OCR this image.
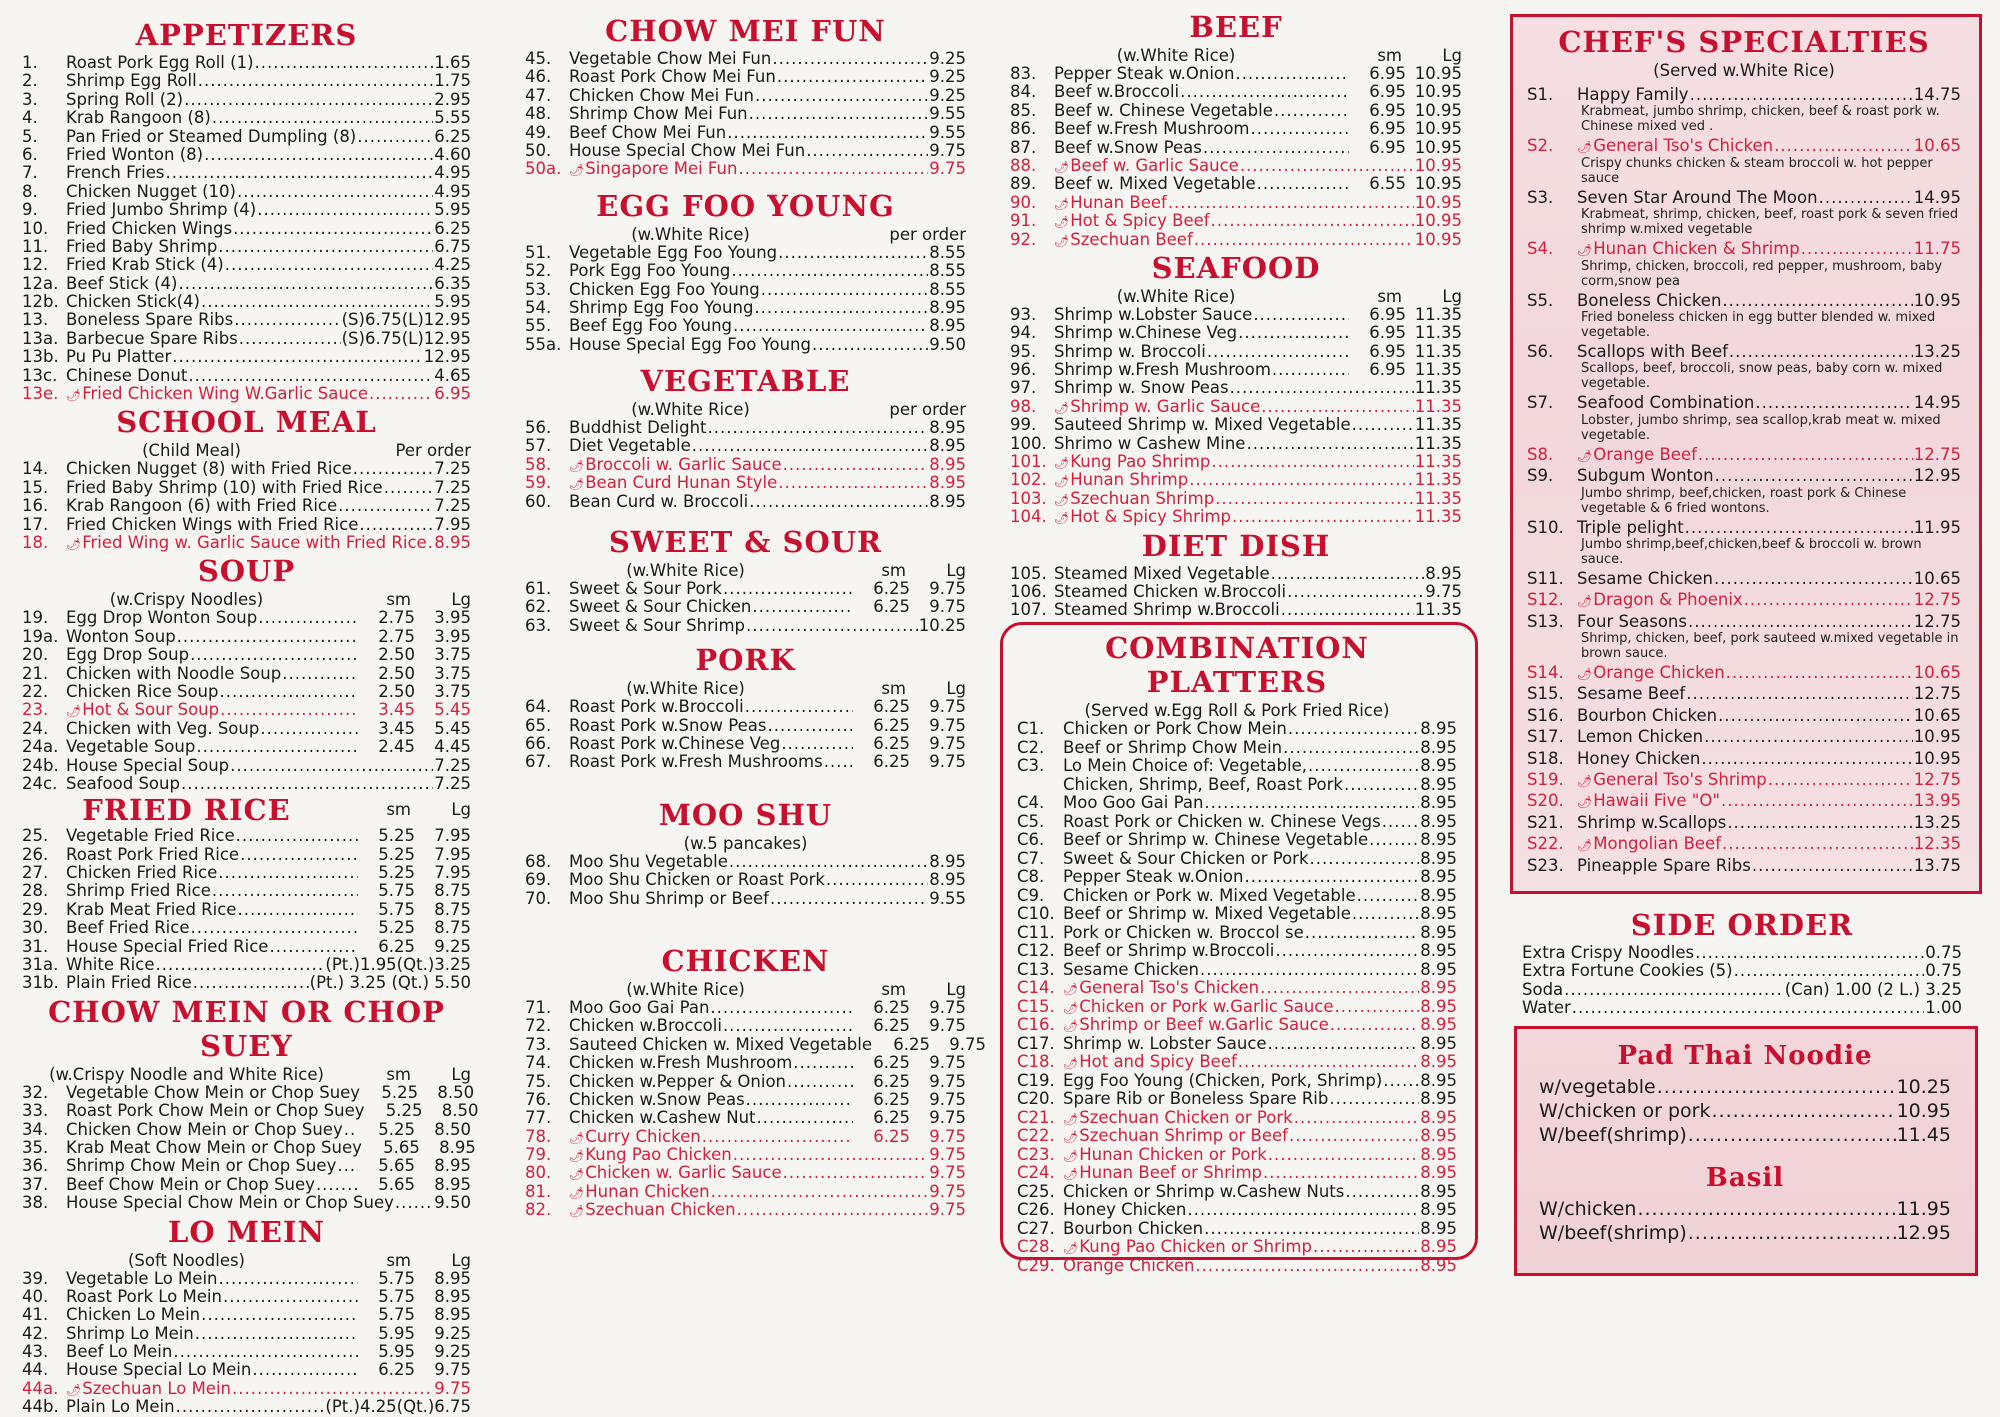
APPETIZERS
1.	Roast Pork Egg Roll (1) .....	1.65
2.	Shrimp Egg Roll .....	1.75
3.	Spring Roll (2) .....	2.95
4.	Krab Rangoon (8) .....	5.55
5.	Pan Fried or Steamed Dumpling (8) .....	6.25
6.	Fried Wonton (8) .....	4.60
7.	French Fries .....	4.95
8.	Chicken Nugget (10) .....	4.95
9.	Fried Jumbo Shrimp (4) .....	5.95
10.	Fried Chicken Wings .....	6.25
11.	Fried Baby Shrimp .....	6.75
12.	Fried Krab Stick (4) .....	4.25
12a. Beef Stick (4) .....	6.35
12b. Chicken Stick(4) .....	5.95
13.	Boneless Spare Ribs .....	(S)6.75(L)12.95
13a. Barbecue Spare Ribs .....	(S)6.75(L)12.95
13b. Pu Pu Platter .....	12.95
13c. Chinese Donut .....	4.65
13e. 🌶Fried Chicken Wing W.Garlic Sauce .....	6.95
SCHOOL MEAL
(Child Meal)	Per order
14.	Chicken Nugget (8) with Fried Rice .....	7.25
15.	Fried Baby Shrimp (10) with Fried Rice .....	7.25
16.	Krab Rangoon (6) with Fried Rice .....	7.25
17.	Fried Chicken Wings with Fried Rice .....	7.95
18.	🌶Fried Wing w. Garlic Sauce with Fried Rice ..... 8.95
SOUP
(w.Crispy Noodles)	sm	Lg
19.	Egg Drop Wonton Soup .....	2.75	3.95
19a. Wonton Soup .....	2.75	3.95
20.	Egg Drop Soup .....	2.50	3.75
21.	Chicken with Noodle Soup .....	2.50	3.75
22.	Chicken Rice Soup .....	2.50	3.75
23.	🌶Hot & Sour Soup .....	3.45	5.45
24.	Chicken with Veg. Soup .....	3.45	5.45
24a. Vegetable Soup .....	2.45	4.45
24b. House Special Soup .....	7.25
24c. Seafood Soup .....	7.25
FRIED RICE	sm	Lg
25.	Vegetable Fried Rice .....	5.25	7.95
26.	Roast Pork Fried Rice .....	5.25	7.95
27.	Chicken Fried Rice .....	5.25	7.95
28.	Shrimp Fried Rice .....	5.75	8.75
29.	Krab Meat Fried Rice .....	5.75	8.75
30.	Beef Fried Rice .....	5.25	8.75
31.	House Special Fried Rice .....	6.25	9.25
31a. White Rice .....	(Pt.)1.95(Qt.)3.25
31b. Plain Fried Rice .....	(Pt.) 3.25 (Qt.) 5.50
CHOW MEIN OR CHOP SUEY
(w.Crispy Noodle and White Rice)	sm	Lg
32.	Vegetable Chow Mein or Chop Suey	5.25	8.50
33.	Roast Pork Chow Mein or Chop Suey	5.25	8.50
34.	Chicken Chow Mein or Chop Suey .....	5.25	8.50
35.	Krab Meat Chow Mein or Chop Suey	5.65	8.95
36.	Shrimp Chow Mein or Chop Suey .....	5.65	8.95
37.	Beef Chow Mein or Chop Suey .....	5.65	8.95
38.	House Special Chow Mein or Chop Suey ..... 9.50
LO MEIN
(Soft Noodles)	sm	Lg
39.	Vegetable Lo Mein .....	5.75	8.95
40.	Roast Pork Lo Mein .....	5.75	8.95
41.	Chicken Lo Mein .....	5.75	8.95
42.	Shrimp Lo Mein .....	5.95	9.25
43.	Beef Lo Mein .....	5.95	9.25
44.	House Special Lo Mein .....	6.25	9.75
44a. 🌶Szechuan Lo Mein .....	9.75
44b. Plain Lo Mein .....	(Pt.)4.25(Qt.)6.75
CHOW MEI FUN
45.	Vegetable Chow Mei Fun .....	9.25
46.	Roast Pork Chow Mei Fun .....	9.25
47.	Chicken Chow Mei Fun .....	9.25
48.	Shrimp Chow Mei Fun .....	9.55
49.	Beef Chow Mei Fun .....	9.55
50.	House Special Chow Mei Fun .....	9.75
50a. 🌶Singapore Mei Fun .....	9.75
EGG FOO YOUNG
(w.White Rice)	per order
51.	Vegetable Egg Foo Young .....	8.55
52.	Pork Egg Foo Young .....	8.55
53.	Chicken Egg Foo Young .....	8.55
54.	Shrimp Egg Foo Young .....	8.95
55.	Beef Egg Foo Young .....	8.95
55a. House Special Egg Foo Young .....	9.50
VEGETABLE
(w.White Rice)	per order
56.	Buddhist Delight .....	8.95
57.	Diet Vegetable .....	8.95
58.	🌶Broccoli w. Garlic Sauce .....	8.95
59.	🌶Bean Curd Hunan Style .....	8.95
60.	Bean Curd w. Broccoli .....	8.95
SWEET & SOUR
(w.White Rice)	sm	Lg
61.	Sweet & Sour Pork .....	6.25	9.75
62.	Sweet & Sour Chicken .....	6.25	9.75
63.	Sweet & Sour Shrimp .....	10.25
PORK
(w.White Rice)	sm	Lg
64.	Roast Pork w.Broccoli .....	6.25	9.75
65.	Roast Pork w.Snow Peas .....	6.25	9.75
66.	Roast Pork w.Chinese Veg .....	6.25	9.75
67.	Roast Pork w.Fresh Mushrooms .....	6.25	9.75
MOO SHU
(w.5 pancakes)
68.	Moo Shu Vegetable .....	8.95
69.	Moo Shu Chicken or Roast Pork .....	8.95
70.	Moo Shu Shrimp or Beef .....	9.55
CHICKEN
(w.White Rice)	sm	Lg
71.	Moo Goo Gai Pan .....	6.25	9.75
72.	Chicken w.Broccoli .....	6.25	9.75
73.	Sauteed Chicken w. Mixed Vegetable	6.25	9.75
74.	Chicken w.Fresh Mushroom .....	6.25	9.75
75.	Chicken w.Pepper & Onion .....	6.25	9.75
76.	Chicken w.Snow Peas .....	6.25	9.75
77.	Chicken w.Cashew Nut .....	6.25	9.75
78.	🌶Curry Chicken .....	6.25	9.75
79.	🌶Kung Pao Chicken .....	9.75
80.	🌶Chicken w. Garlic Sauce .....	9.75
81.	🌶Hunan Chicken .....	9.75
82.	🌶Szechuan Chicken .....	9.75
BEEF
(w.White Rice)	sm	Lg
83.	Pepper Steak w.Onion .....	6.95 10.95
84.	Beef w.Broccoli .....	6.95 10.95
85.	Beef w. Chinese Vegetable .....	6.95 10.95
86.	Beef w.Fresh Mushroom .....	6.95 10.95
87.	Beef w.Snow Peas .....	6.95 10.95
88.	🌶Beef w. Garlic Sauce .....	10.95
89.	Beef w. Mixed Vegetable .....	6.55 10.95
90.	🌶Hunan Beef .....	10.95
91.	🌶Hot & Spicy Beef .....	10.95
92.	🌶Szechuan Beef .....	10.95
SEAFOOD
(w.White Rice)	sm	Lg
93.	Shrimp w.Lobster Sauce .....	6.95 11.35
94.	Shrimp w.Chinese Veg .....	6.95 11.35
95.	Shrimp w. Broccoli .....	6.95 11.35
96.	Shrimp w.Fresh Mushroom .....	6.95 11.35
97.	Shrimp w. Snow Peas .....	11.35
98.	🌶Shrimp w. Garlic Sauce .....	11.35
99.	Sauteed Shrimp w. Mixed Vegetable .....	11.35
100. Shrimo w Cashew Mine .....	11.35
101. 🌶Kung Pao Shrimp .....	11.35
102. 🌶Hunan Shrimp .....	11.35
103. 🌶Szechuan Shrimp .....	11.35
104. 🌶Hot & Spicy Shrimp .....	11.35
DIET DISH
105. Steamed Mixed Vegetable .....	8.95
106. Steamed Chicken w.Broccoli .....	9.75
107. Steamed Shrimp w.Broccoli .....	11.35
COMBINATION PLATTERS
(Served w.Egg Roll & Pork Fried Rice)
C1.	Chicken or Pork Chow Mein .....	8.95
C2.	Beef or Shrimp Chow Mein .....	8.95
C3.	Lo Mein Choice of: Vegetable, .....	8.95
Chicken, Shrimp, Beef, Roast Pork .....	8.95
C4.	Moo Goo Gai Pan .....	8.95
C5.	Roast Pork or Chicken w. Chinese Vegs ..... 8.95
C6.	Beef or Shrimp w. Chinese Vegetable .....	8.95
C7.	Sweet & Sour Chicken or Pork .....	8.95
C8.	Pepper Steak w.Onion .....	8.95
C9.	Chicken or Pork w. Mixed Vegetable .....	8.95
C10. Beef or Shrimp w. Mixed Vegetable .....	8.95
C11. Pork or Chicken w. Broccol se .....	8.95
C12. Beef or Shrimp w.Broccoli .....	8.95
C13. Sesame Chicken .....	8.95
C14. 🌶General Tso's Chicken .....	8.95
C15. 🌶Chicken or Pork w.Garlic Sauce .....	8.95
C16. 🌶Shrimp or Beef w.Garlic Sauce .....	8.95
C17. Shrimp w. Lobster Sauce .....	8.95
C18. 🌶Hot and Spicy Beef .....	8.95
C19. Egg Foo Young (Chicken, Pork, Shrimp) ..... 8.95
C20. Spare Rib or Boneless Spare Rib .....	8.95
C21. 🌶Szechuan Chicken or Pork .....	8.95
C22. 🌶Szechuan Shrimp or Beef .....	8.95
C23. 🌶Hunan Chicken or Pork .....	8.95
C24. 🌶Hunan Beef or Shrimp .....	8.95
C25. Chicken or Shrimp w.Cashew Nuts .....	8.95
C26. Honey Chicken .....	8.95
C27. Bourbon Chicken .....	8.95
C28. 🌶Kung Pao Chicken or Shrimp .....	8.95
C29. Orange Chicken .....	8.95
CHEF'S SPECIALTIES
(Served w.White Rice)
S1.	Happy Family .....	14.75
Krabmeat, jumbo shrimp, chicken, beef & roast pork w. Chinese mixed ved .
S2.	🌶General Tso's Chicken .....	10.65
Crispy chunks chicken & steam broccoli w. hot pepper sauce
S3.	Seven Star Around The Moon .....	14.95
Krabmeat, shrimp, chicken, beef, roast pork & seven fried shrimp w.mixed vegetable
S4.	🌶Hunan Chicken & Shrimp .....	11.75
Shrimp, chicken, broccoli, red pepper, mushroom, baby corm,snow pea
S5.	Boneless Chicken .....	10.95
Fried boneless chicken in egg butter blended w. mixed vegetable.
S6.	Scallops with Beef .....	13.25
Scallops, beef, broccoli, snow peas, baby corn w. mixed vegetable.
S7.	Seafood Combination .....	14.95
Lobster, jumbo shrimp, sea scallop,krab meat w. mixed vegetable.
S8.	🌶Orange Beef .....	12.75
S9.	Subgum Wonton .....	12.95
Jumbo shrimp, beef,chicken, roast pork & Chinese vegetable & 6 fried wontons.
S10. Triple pelight .....	11.95
Jumbo shrimp,beef,chicken,beef & broccoli w. brown sauce.
S11. Sesame Chicken .....	10.65
S12.	🌶Dragon & Phoenix .....	12.75
S13. Four Seasons .....	12.75
Shrimp, chicken, beef, pork sauteed w.mixed vegetable in brown sauce.
S14.	🌶Orange Chicken .....	10.65
S15. Sesame Beef .....	12.75
S16. Bourbon Chicken .....	10.65
S17. Lemon Chicken .....	10.95
S18. Honey Chicken .....	10.95
S19.	🌶General Tso's Shrimp .....	12.75
S20.	🌶Hawaii Five "O" .....	13.95
S21. Shrimp w.Scallops .....	13.25
S22.	🌶Mongolian Beef .....	12.35
S23. Pineapple Spare Ribs .....	13.75
SIDE ORDER
Extra Crispy Noodles .....	0.75
Extra Fortune Cookies (5) .....	0.75
Soda .....	(Can) 1.00 (2 L.) 3.25
Water .....	1.00
Pad Thai Noodie
w/vegetable .....	10.25
W/chicken or pork .....	10.95
W/beef(shrimp) .....	11.45
Basil
W/chicken .....	11.95
W/beef(shrimp) .....	12.95
